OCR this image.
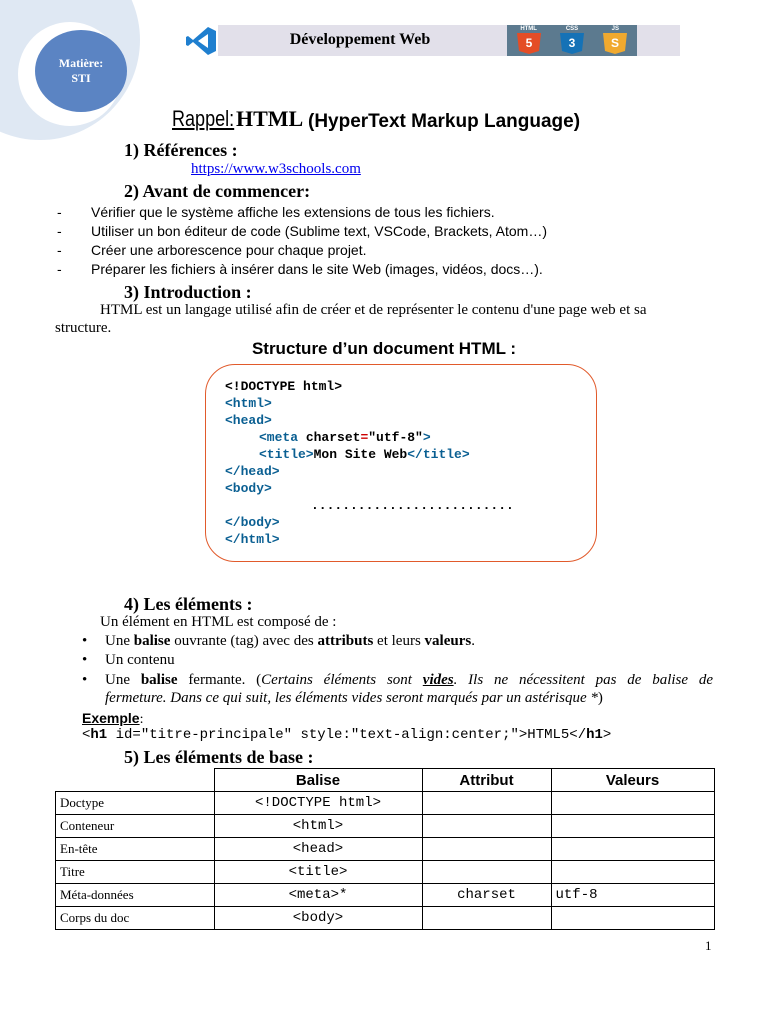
Matière:
STI
Développement Web	5
HTML
3
CSS
S
JS
Rappel: HTML (HyperText Markup Language)
1) Références :
https://www.w3schools.com
2) Avant de commencer:
- Vérifier que le système affiche les extensions de tous les fichiers.
- Utiliser un bon éditeur de code (Sublime text, VSCode, Brackets, Atom…)
- Créer une arborescence pour chaque projet.
- Préparer les fichiers à insérer dans le site Web (images, vidéos, docs…).
3) Introduction :
HTML est un langage utilisé afin de créer et de représenter le contenu d'une page web et sa
structure.
Structure d’un document HTML :
<!DOCTYPE html>
<html>
<head>
<meta charset="utf-8">
<title>Mon Site Web</title>
</head>
<body>
..........................
</body>
</html>
4) Les éléments :
Un élément en HTML est composé de :
• Une balise ouvrante (tag) avec des attributs et leurs valeurs.
• Un contenu
• Une balise fermante. (Certains éléments sont vides. Ils ne nécessitent pas de balise de
fermeture. Dans ce qui suit, les éléments vides seront marqués par un astérisque *)
Exemple:
<h1 id="titre-principale" style:"text-align:center;">HTML5</h1>
5) Les éléments de base :
	Balise	Attribut	Valeurs
Doctype	<!DOCTYPE html>		
Conteneur	<html>		
En-tête	<head>		
Titre	<title>		
Méta-données	<meta>*	charset	utf-8
Corps du doc	<body>		
1
